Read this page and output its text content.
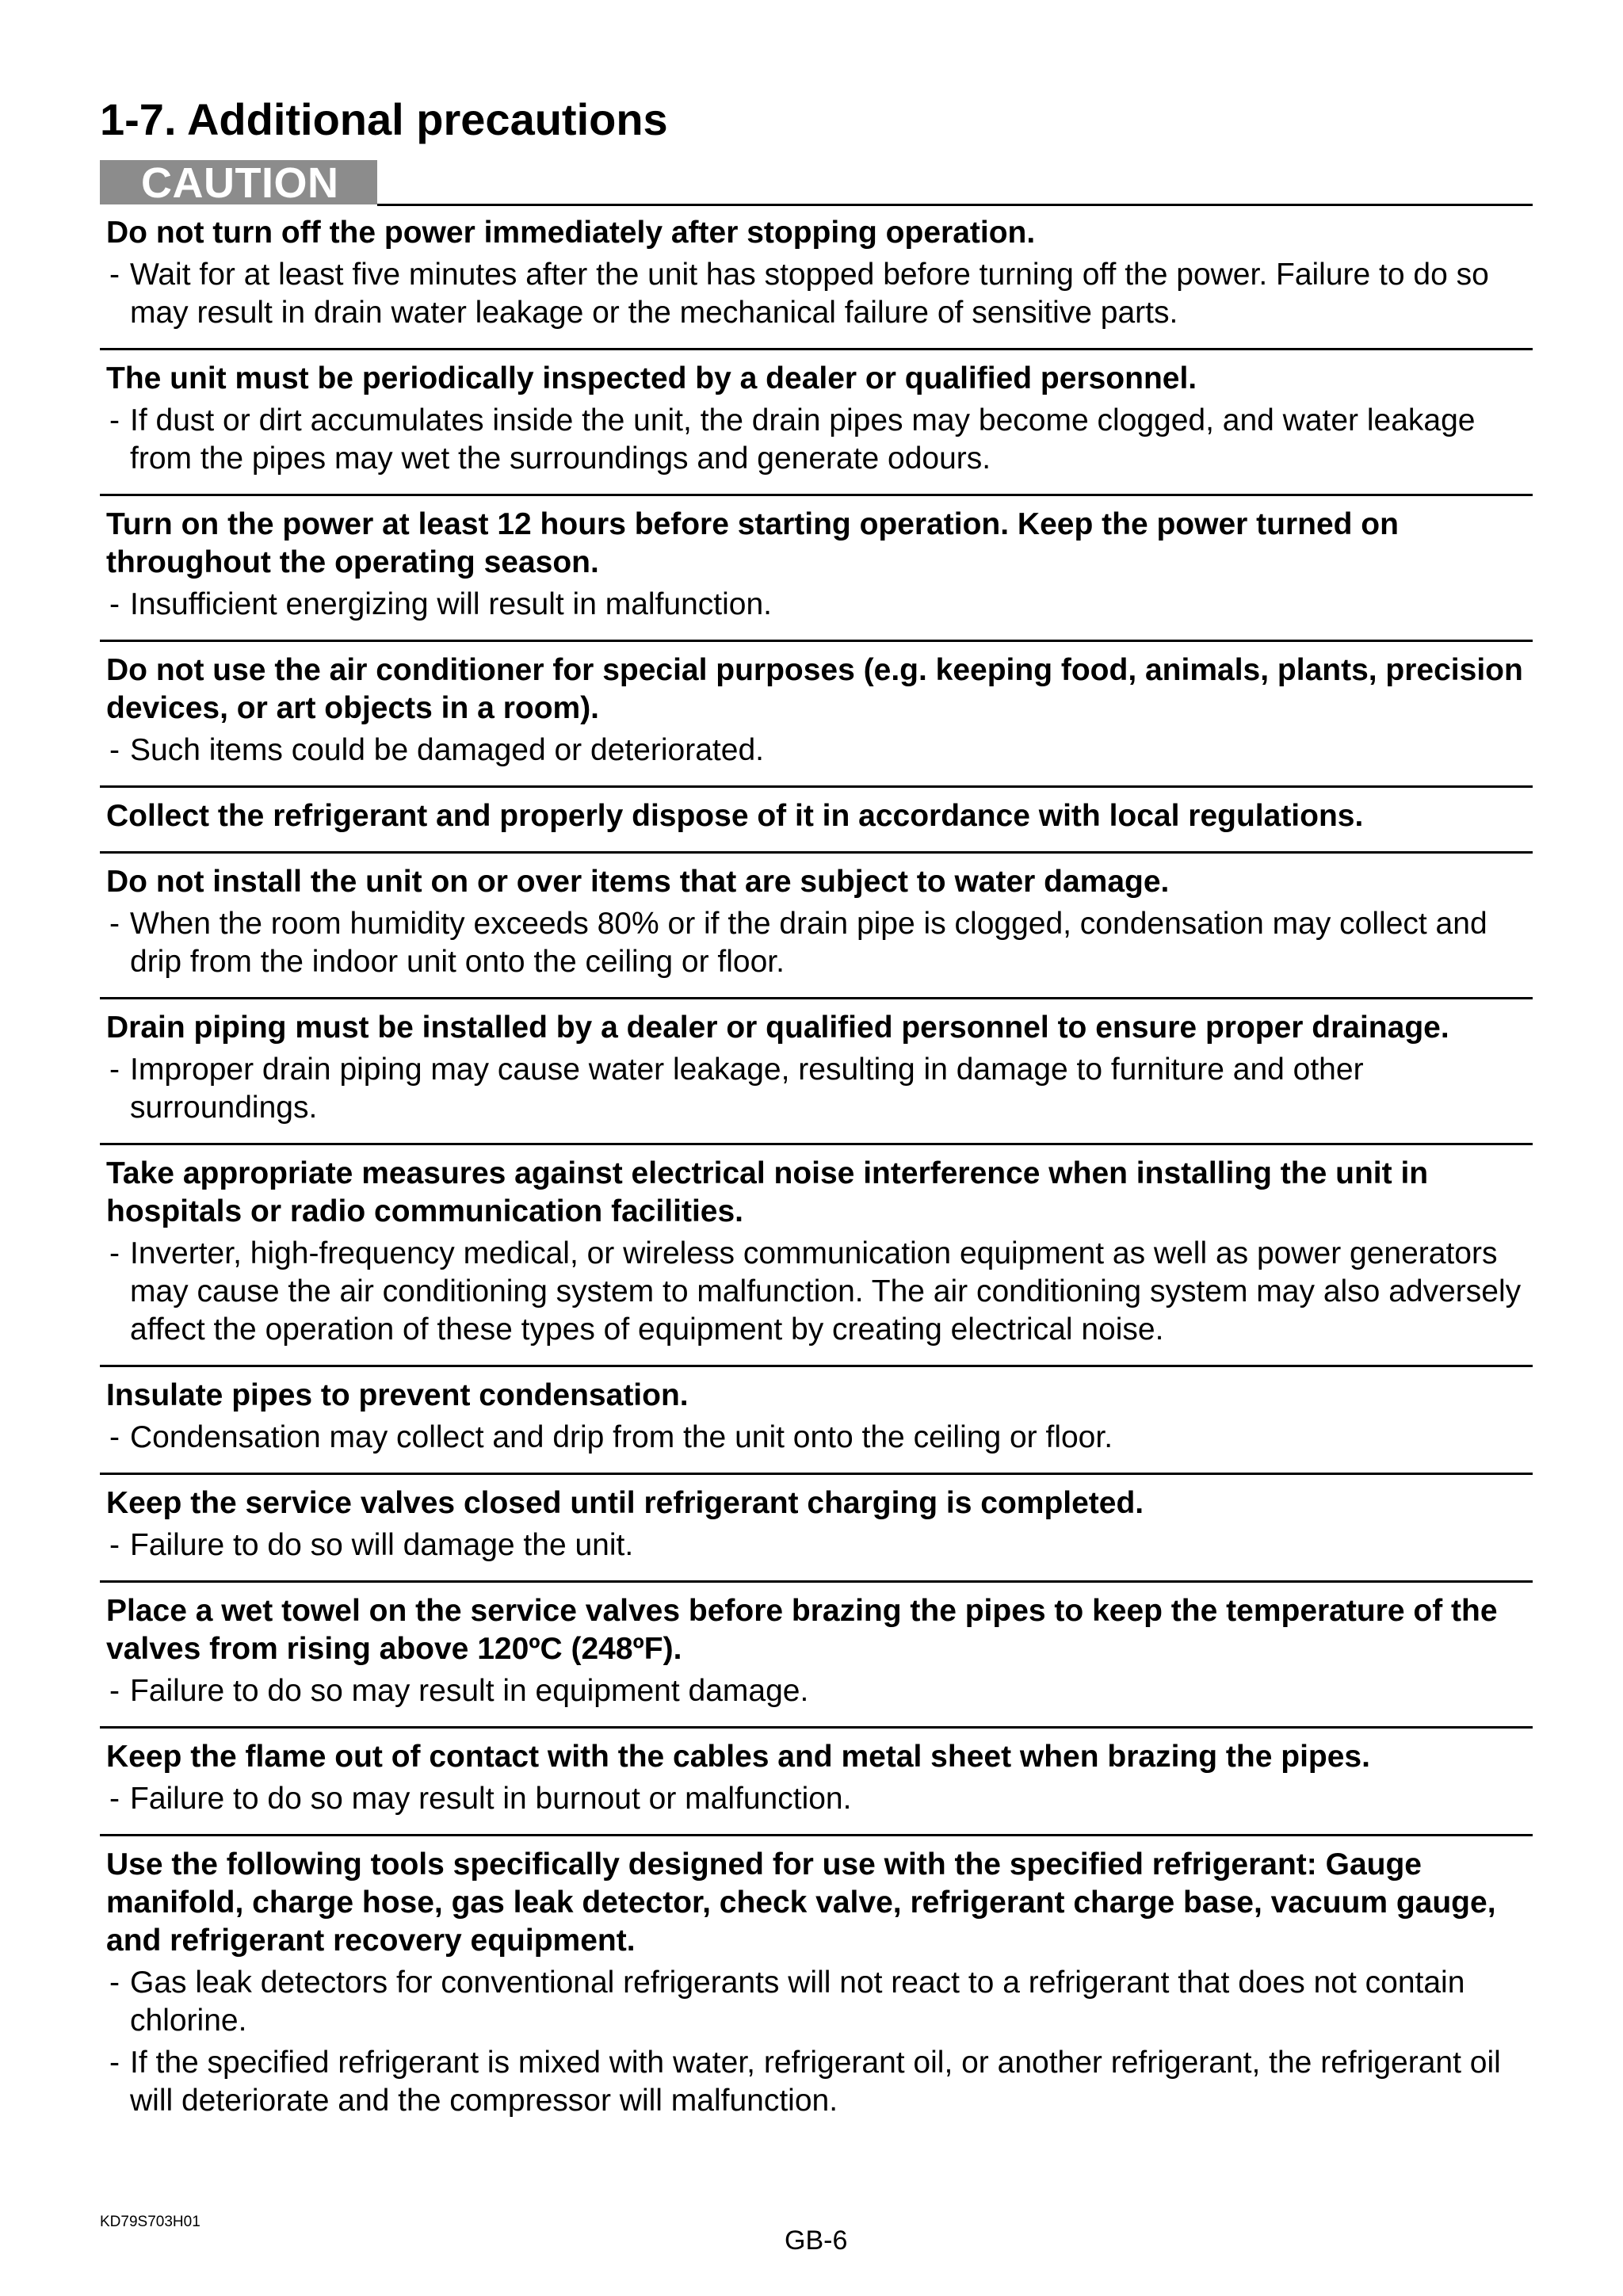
1-7. Additional precautions
CAUTION
Do not turn off the power immediately after stopping operation.
- Wait for at least five minutes after the unit has stopped before turning off the power. Failure to do so may result in drain water leakage or the mechanical failure of sensitive parts.
The unit must be periodically inspected by a dealer or qualified personnel.
- If dust or dirt accumulates inside the unit, the drain pipes may become clogged, and water leakage from the pipes may wet the surroundings and generate odours.
Turn on the power at least 12 hours before starting operation. Keep the power turned on throughout the operating season.
- Insufficient energizing will result in malfunction.
Do not use the air conditioner for special purposes (e.g. keeping food, animals, plants, precision devices, or art objects in a room).
- Such items could be damaged or deteriorated.
Collect the refrigerant and properly dispose of it in accordance with local regulations.
Do not install the unit on or over items that are subject to water damage.
- When the room humidity exceeds 80% or if the drain pipe is clogged, condensation may collect and drip from the indoor unit onto the ceiling or floor.
Drain piping must be installed by a dealer or qualified personnel to ensure proper drainage.
- Improper drain piping may cause water leakage, resulting in damage to furniture and other surroundings.
Take appropriate measures against electrical noise interference when installing the unit in hospitals or radio communication facilities.
- Inverter, high-frequency medical, or wireless communication equipment as well as power generators may cause the air conditioning system to malfunction. The air conditioning system may also adversely affect the operation of these types of equipment by creating electrical noise.
Insulate pipes to prevent condensation.
- Condensation may collect and drip from the unit onto the ceiling or floor.
Keep the service valves closed until refrigerant charging is completed.
- Failure to do so will damage the unit.
Place a wet towel on the service valves before brazing the pipes to keep the temperature of the valves from rising above 120ºC (248ºF).
- Failure to do so may result in equipment damage.
Keep the flame out of contact with the cables and metal sheet when brazing the pipes.
- Failure to do so may result in burnout or malfunction.
Use the following tools specifically designed for use with the specified refrigerant: Gauge manifold, charge hose, gas leak detector, check valve, refrigerant charge base, vacuum gauge, and refrigerant recovery equipment.
- Gas leak detectors for conventional refrigerants will not react to a refrigerant that does not contain chlorine.
- If the specified refrigerant is mixed with water, refrigerant oil, or another refrigerant, the refrigerant oil will deteriorate and the compressor will malfunction.
KD79S703H01
GB-6
